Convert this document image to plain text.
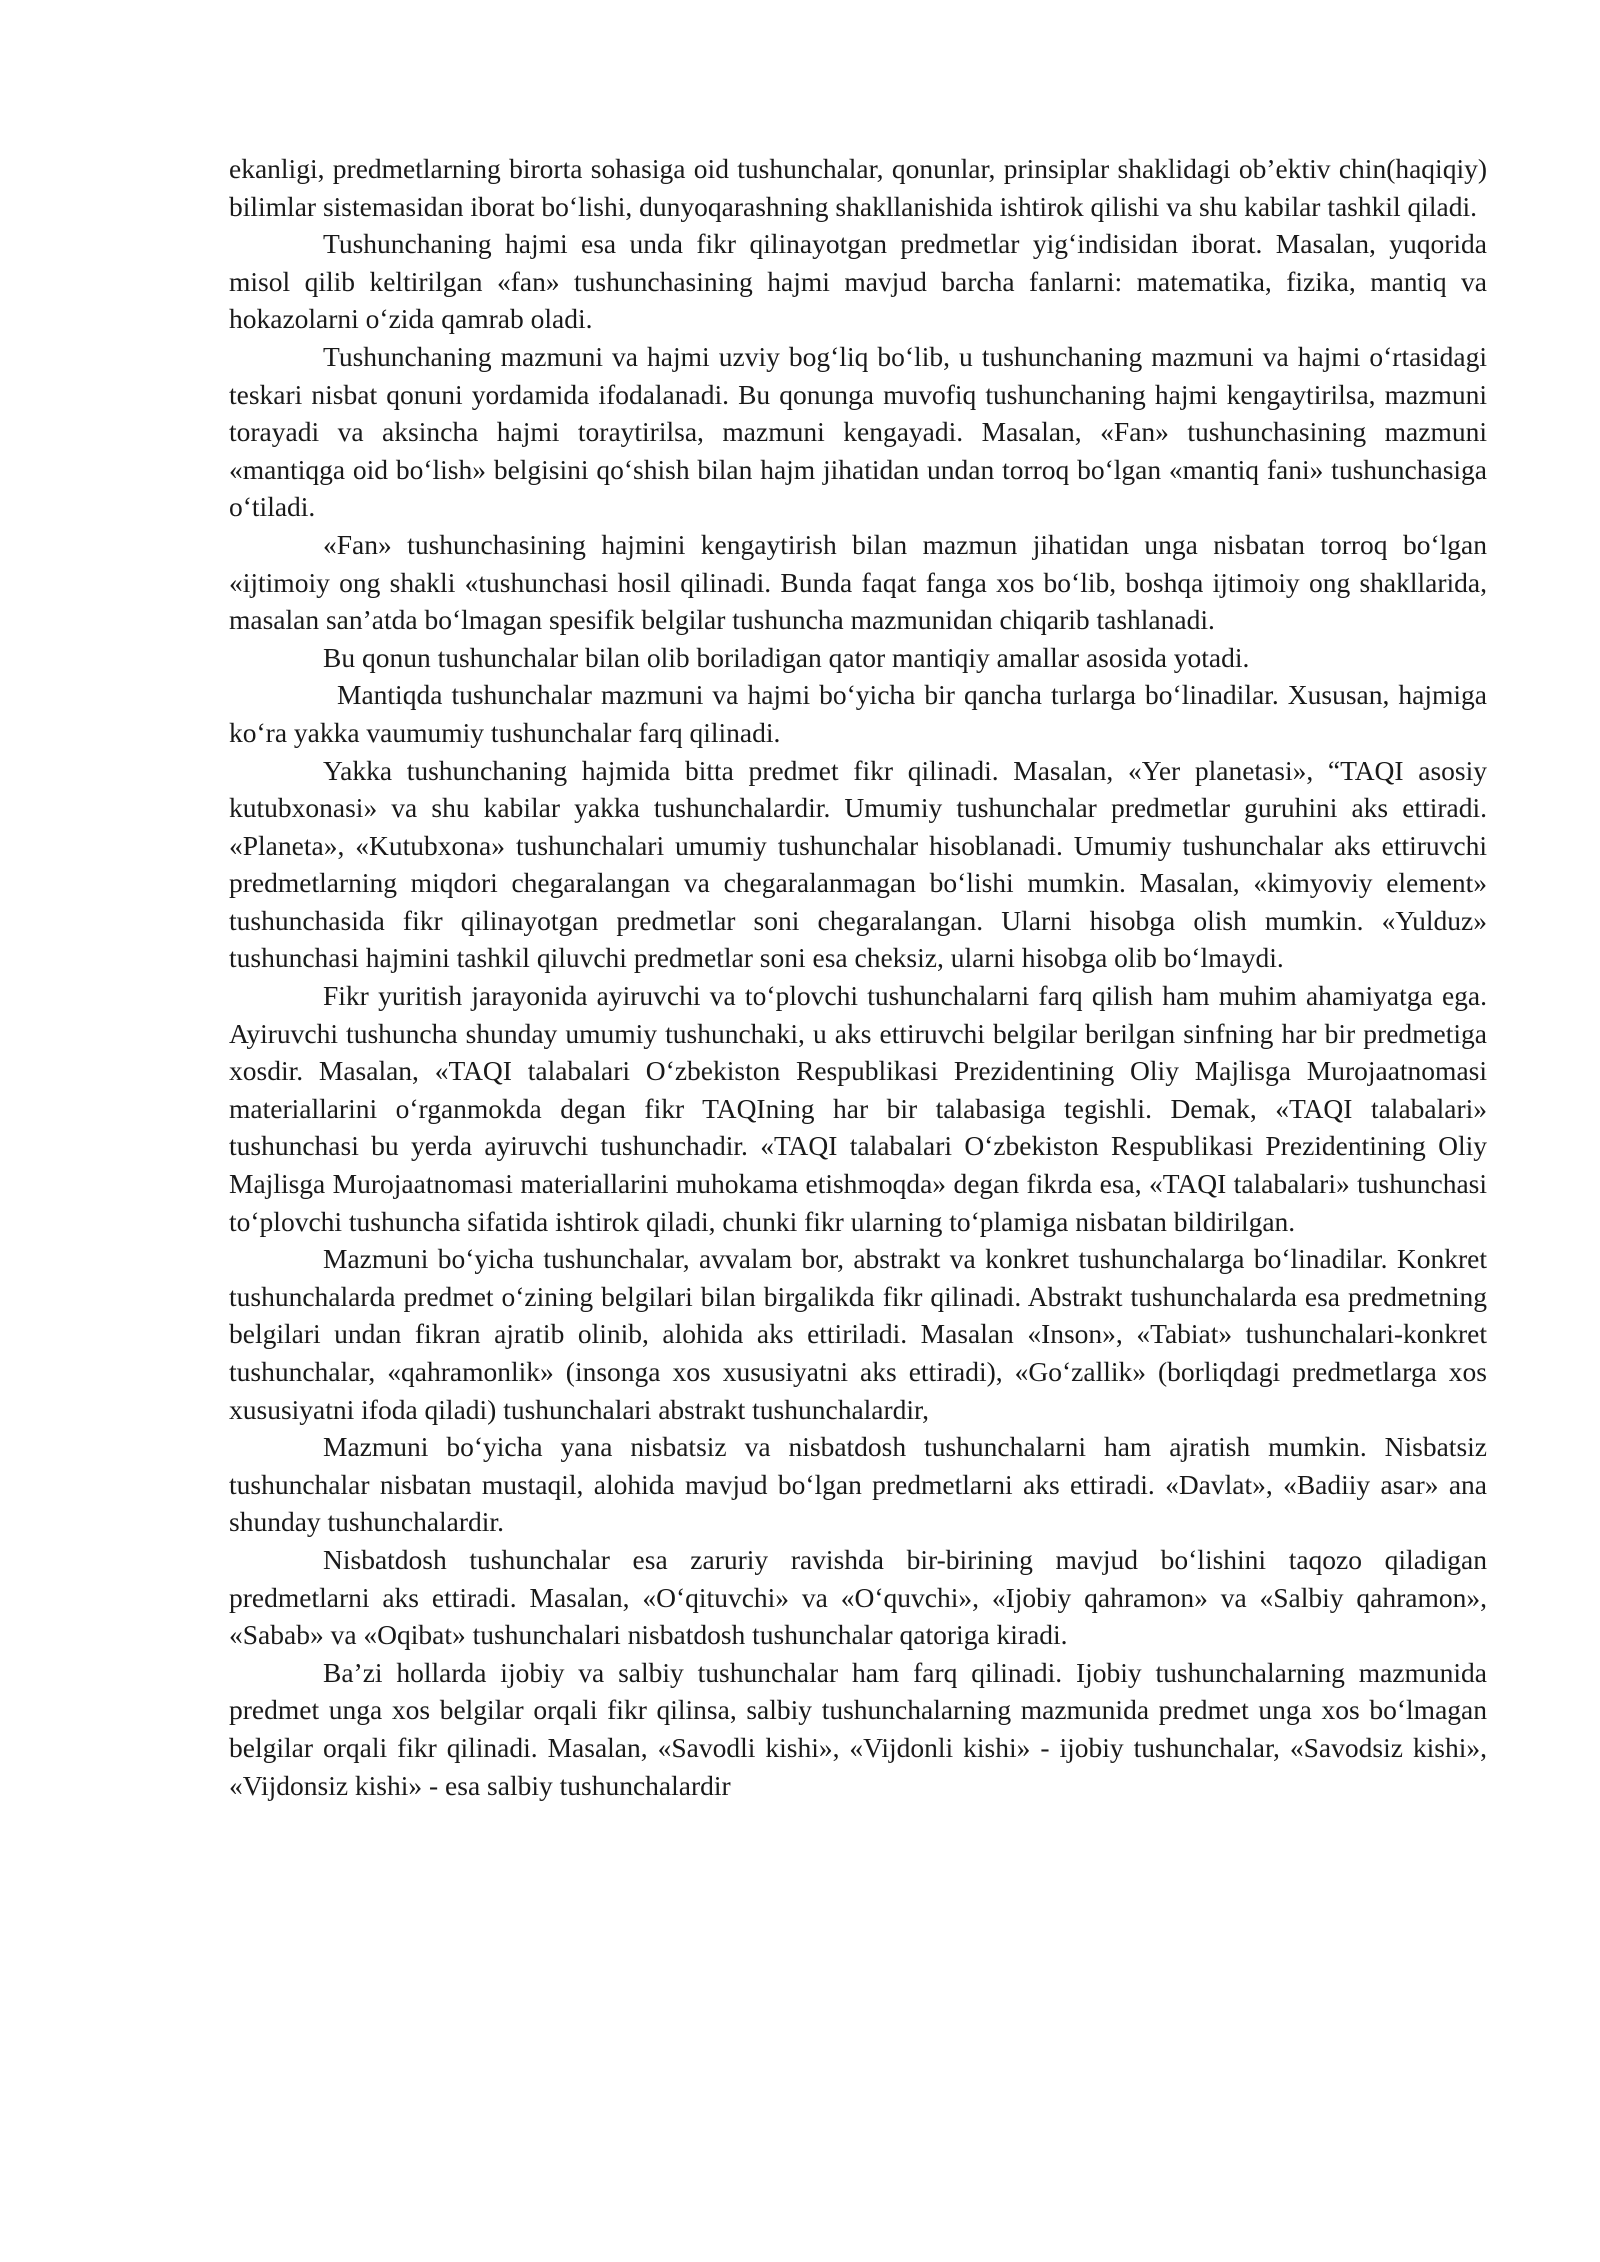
ekanligi, predmetlarning birorta sohasiga oid tushunchalar, qonunlar, prinsiplar shaklidagi ob’ektiv chin(haqiqiy) bilimlar sistemasidan iborat bo‘lishi, dunyoqarashning shakllanishida ishtirok qilishi va shu kabilar tashkil qiladi.

Tushunchaning hajmi esa unda fikr qilinayotgan predmetlar yig‘indisidan iborat. Masalan, yuqorida misol qilib keltirilgan «fan» tushunchasining hajmi mavjud barcha fanlarni: matematika, fizika, mantiq va hokazolarni o‘zida qamrab oladi.

Tushunchaning mazmuni va hajmi uzviy bog‘liq bo‘lib, u tushunchaning mazmuni va hajmi o‘rtasidagi teskari nisbat qonuni yordamida ifodalanadi. Bu qonunga muvofiq tushunchaning hajmi kengaytirilsa, mazmuni torayadi va aksincha hajmi toraytirilsa, mazmuni kengayadi. Masalan, «Fan» tushunchasining mazmuni «mantiqga oid bo‘lish» belgisini qo‘shish bilan hajm jihatidan undan torroq bo‘lgan «mantiq fani» tushunchasiga o‘tiladi.

«Fan» tushunchasining hajmini kengaytirish bilan mazmun jihatidan unga nisbatan torroq bo‘lgan «ijtimoiy ong shakli «tushunchasi hosil qilinadi. Bunda faqat fanga xos bo‘lib, boshqa ijtimoiy ong shakllarida, masalan san’atda bo‘lmagan spesifik belgilar tushuncha mazmunidan chiqarib tashlanadi.

Bu qonun tushunchalar bilan olib boriladigan qator mantiqiy amallar asosida yotadi.

Mantiqda tushunchalar mazmuni va hajmi bo‘yicha bir qancha turlarga bo‘linadilar. Xususan, hajmiga ko‘ra yakka vaumumiy tushunchalar farq qilinadi.

Yakka tushunchaning hajmida bitta predmet fikr qilinadi. Masalan, «Yer planetasi», “TAQI asosiy kutubxonasi» va shu kabilar yakka tushunchalardir. Umumiy tushunchalar predmetlar guruhini aks ettiradi. «Planeta», «Kutubxona» tushunchalari umumiy tushunchalar hisoblanadi. Umumiy tushunchalar aks ettiruvchi predmetlarning miqdori chegaralangan va chegaralanmagan bo‘lishi mumkin. Masalan, «kimyoviy element» tushunchasida fikr qilinayotgan predmetlar soni chegaralangan. Ularni hisobga olish mumkin. «Yulduz» tushunchasi hajmini tashkil qiluvchi predmetlar soni esa cheksiz, ularni hisobga olib bo‘lmaydi.

Fikr yuritish jarayonida ayiruvchi va to‘plovchi tushunchalarni farq qilish ham muhim ahamiyatga ega. Ayiruvchi tushuncha shunday umumiy tushunchaki, u aks ettiruvchi belgilar berilgan sinfning har bir predmetiga xosdir. Masalan, «TAQI talabalari O‘zbekiston Respublikasi Prezidentining Oliy Majlisga Murojaatnomasi materiallarini o‘rganmokda degan fikr TAQIning har bir talabasiga tegishli. Demak, «TAQI talabalari» tushunchasi bu yerda ayiruvchi tushunchadir. «TAQI talabalari O‘zbekiston Respublikasi Prezidentining Oliy Majlisga Murojaatnomasi materiallarini muhokama etishmoqda» degan fikrda esa, «TAQI talabalari» tushunchasi to‘plovchi tushuncha sifatida ishtirok qiladi, chunki fikr ularning to‘plamiga nisbatan bildirilgan.

Mazmuni bo‘yicha tushunchalar, avvalam bor, abstrakt va konkret tushunchalarga bo‘linadilar. Konkret tushunchalarda predmet o‘zining belgilari bilan birgalikda fikr qilinadi. Abstrakt tushunchalarda esa predmetning belgilari undan fikran ajratib olinib, alohida aks ettiriladi. Masalan «Inson», «Tabiat» tushunchalari-konkret tushunchalar, «qahramonlik» (insonga xos xususiyatni aks ettiradi), «Go‘zallik» (borliqdagi predmetlarga xos xususiyatni ifoda qiladi) tushunchalari abstrakt tushunchalardir,

Mazmuni bo‘yicha yana nisbatsiz va nisbatdosh tushunchalarni ham ajratish mumkin. Nisbatsiz tushunchalar nisbatan mustaqil, alohida mavjud bo‘lgan predmetlarni aks ettiradi. «Davlat», «Badiiy asar» ana shunday tushunchalardir.

Nisbatdosh tushunchalar esa zaruriy ravishda bir-birining mavjud bo‘lishini taqozo qiladigan predmetlarni aks ettiradi. Masalan, «O‘qituvchi» va «O‘quvchi», «Ijobiy qahramon» va «Salbiy qahramon», «Sabab» va «Oqibat» tushunchalari nisbatdosh tushunchalar qatoriga kiradi.

Ba’zi hollarda ijobiy va salbiy tushunchalar ham farq qilinadi. Ijobiy tushunchalarning mazmunida predmet unga xos belgilar orqali fikr qilinsa, salbiy tushunchalarning mazmunida predmet unga xos bo‘lmagan belgilar orqali fikr qilinadi. Masalan, «Savodli kishi», «Vijdonli kishi» - ijobiy tushunchalar, «Savodsiz kishi», «Vijdonsiz kishi» - esa salbiy tushunchalardir
